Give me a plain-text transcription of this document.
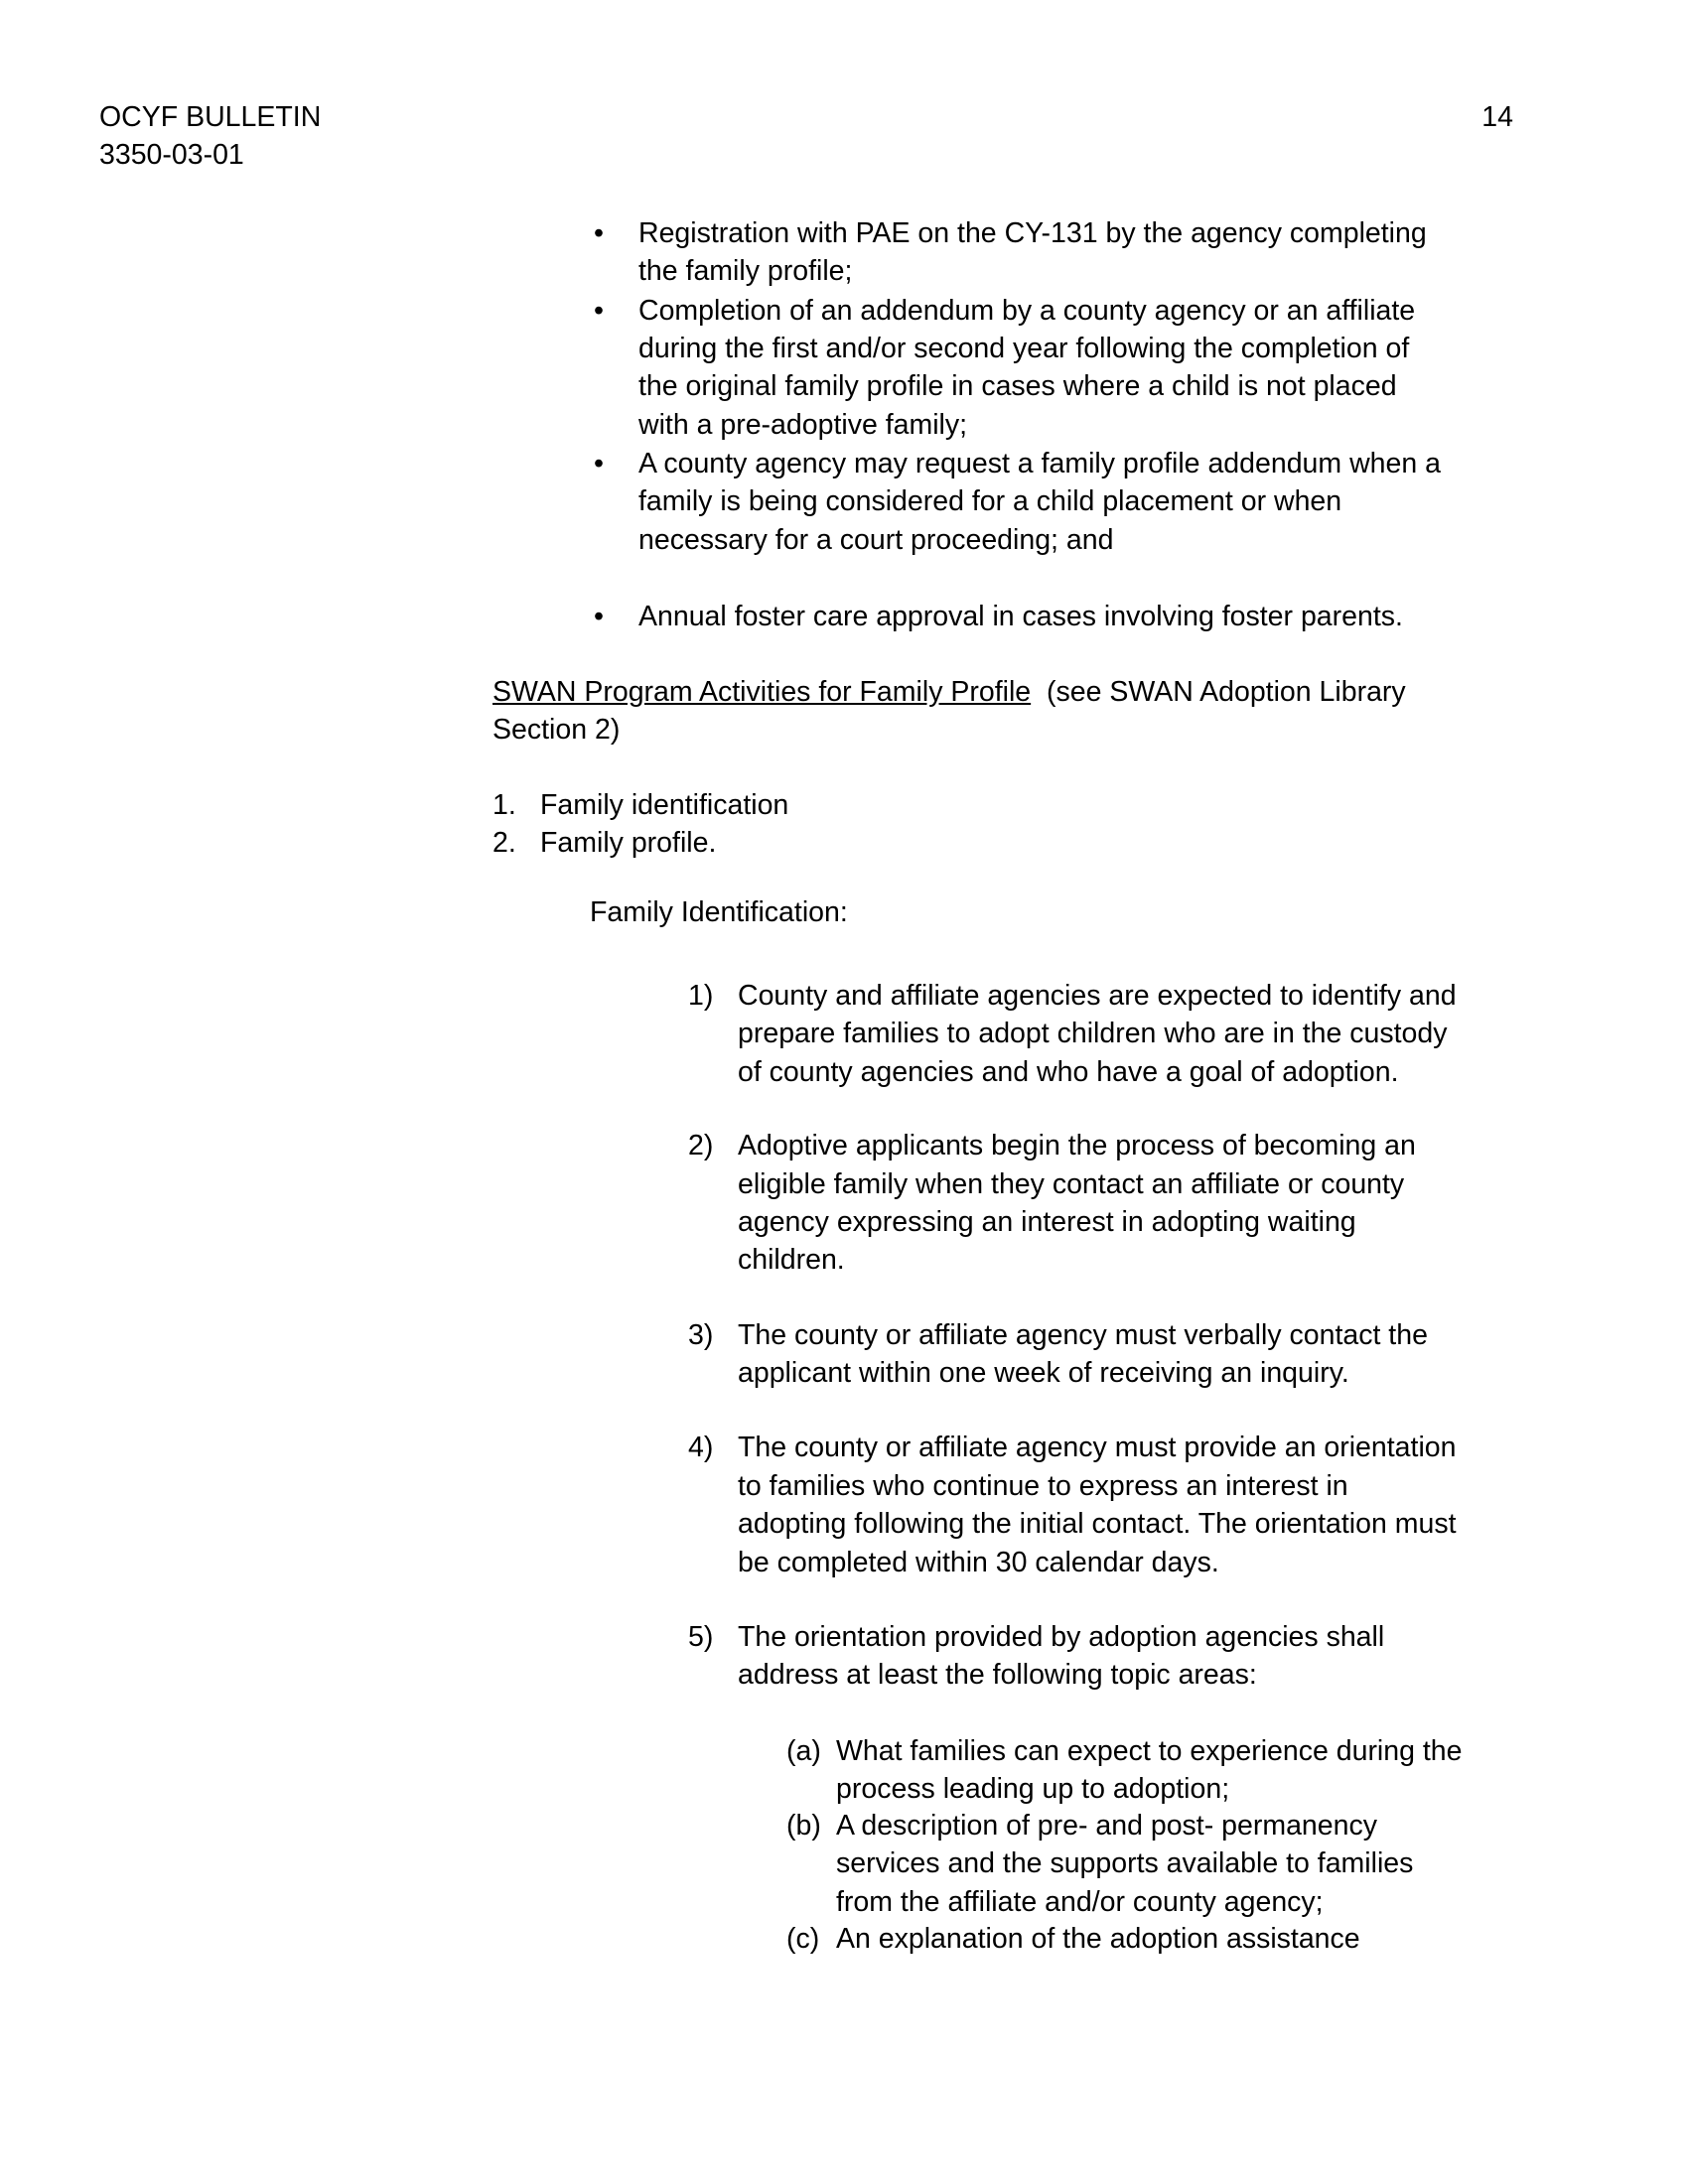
OCYF BULLETIN
3350-03-01
14
• Registration with PAE on the CY-131 by the agency completing
the family profile;
• Completion of an addendum by a county agency or an affiliate
during the first and/or second year following the completion of
the original family profile in cases where a child is not placed
with a pre-adoptive family;
• A county agency may request a family profile addendum when a
family is being considered for a child placement or when
necessary for a court proceeding; and
• Annual foster care approval in cases involving foster parents.
SWAN Program Activities for Family Profile  (see SWAN Adoption Library
Section 2)
1. Family identification
2. Family profile.
Family Identification:
1) County and affiliate agencies are expected to identify and
prepare families to adopt children who are in the custody
of county agencies and who have a goal of adoption.
2) Adoptive applicants begin the process of becoming an
eligible family when they contact an affiliate or county
agency expressing an interest in adopting waiting
children.
3) The county or affiliate agency must verbally contact the
applicant within one week of receiving an inquiry.
4) The county or affiliate agency must provide an orientation
to families who continue to express an interest in
adopting following the initial contact. The orientation must
be completed within 30 calendar days.
5) The orientation provided by adoption agencies shall
address at least the following topic areas:
(a) What families can expect to experience during the
process leading up to adoption;
(b) A description of pre- and post- permanency
services and the supports available to families
from the affiliate and/or county agency;
(c) An explanation of the adoption assistance
